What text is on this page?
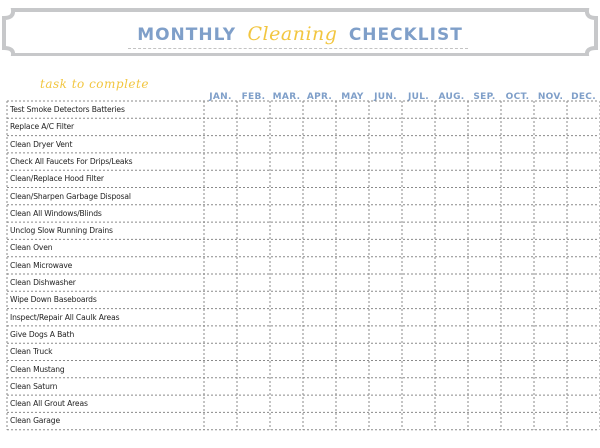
MONTHLY Cleaning CHECKLIST
task to complete
JAN.	FEB. MAR. APR.	MAY	JUN.	JUL.	AUG. SEP.	OCT. NOV. DEC.
Test Smoke Detectors Batteries
Replace A/C Filter
Clean Dryer Vent
Check All Faucets For Drips/Leaks
Clean/Replace Hood Filter
Clean/Sharpen Garbage Disposal
Clean All Windows/Blinds
Unclog Slow Running Drains
Clean Oven
Clean Microwave
Clean Dishwasher
Wipe Down Baseboards
Inspect/Repair All Caulk Areas
Give Dogs A Bath
Clean Truck
Clean Mustang
Clean Saturn
Clean All Grout Areas
Clean Garage
